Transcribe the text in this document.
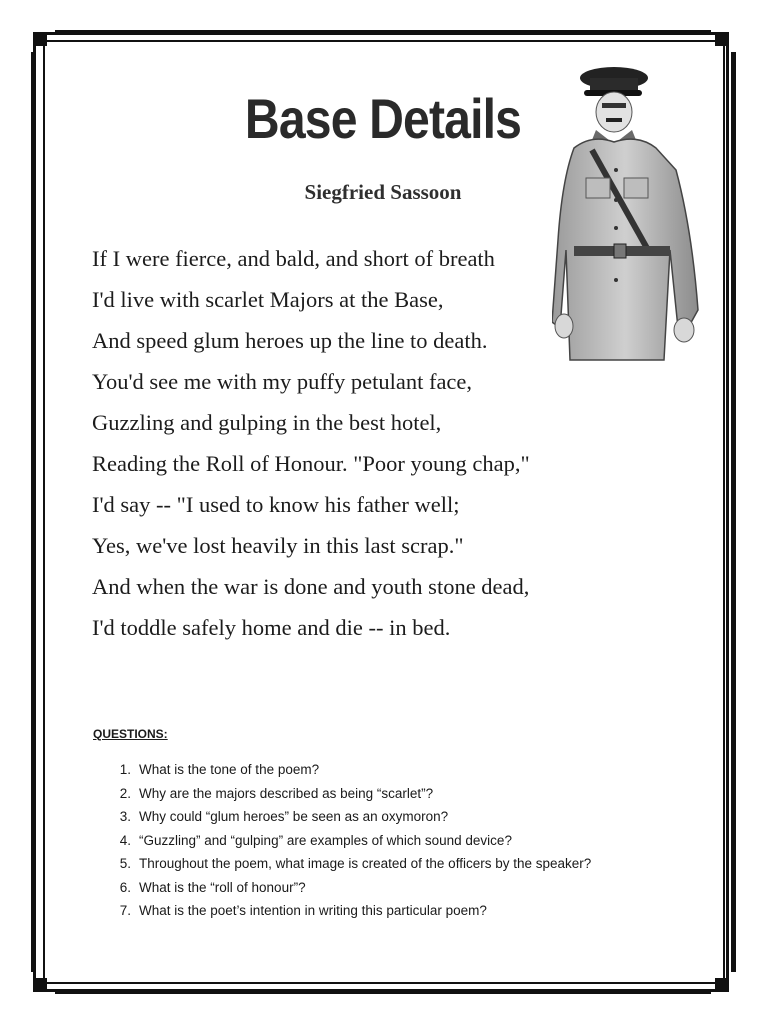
Base Details
Siegfried Sassoon
If I were fierce, and bald, and short of breath
I'd live with scarlet Majors at the Base,
And speed glum heroes up the line to death.
You'd see me with my puffy petulant face,
Guzzling and gulping in the best hotel,
Reading the Roll of Honour. "Poor young chap,"
I'd say -- "I used to know his father well;
Yes, we've lost heavily in this last scrap."
And when the war is done and youth stone dead,
I'd toddle safely home and die -- in bed.
QUESTIONS:
1. What is the tone of the poem?
2. Why are the majors described as being “scarlet”?
3. Why could “glum heroes” be seen as an oxymoron?
4. “Guzzling” and “gulping” are examples of which sound device?
5. Throughout the poem, what image is created of the officers by the speaker?
6. What is the “roll of honour”?
7. What is the poet’s intention in writing this particular poem?
